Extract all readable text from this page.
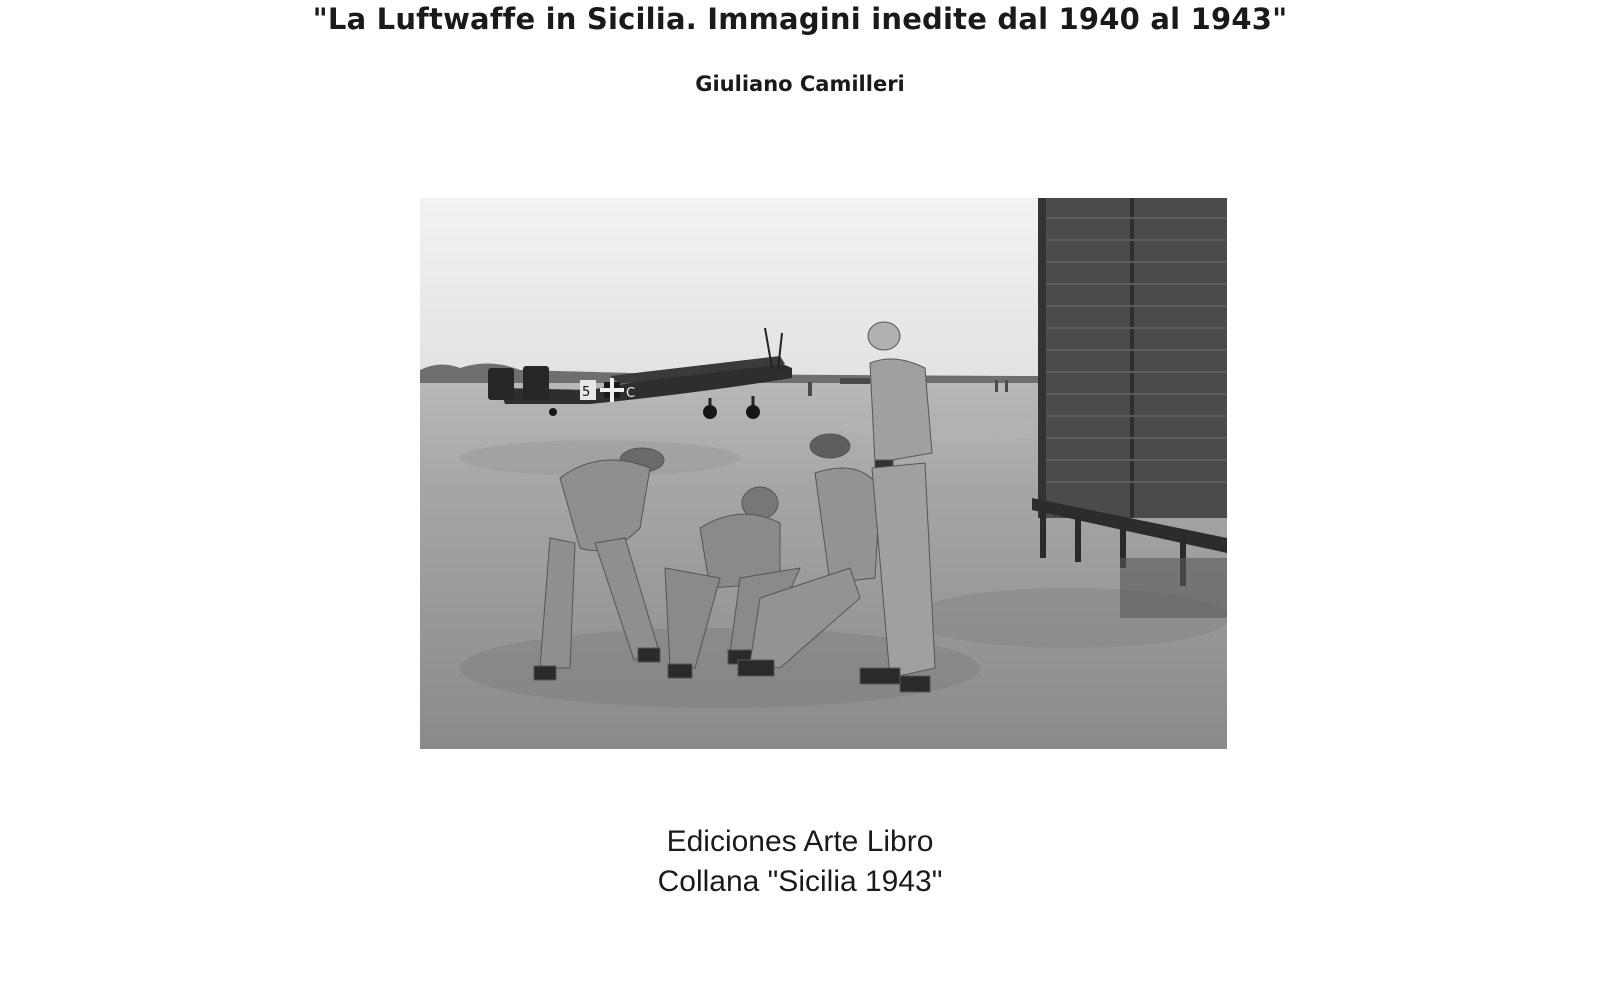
"La Luftwaffe in Sicilia. Immagini inedite dal 1940 al 1943"
Giuliano Camilleri
5	C
Ediciones Arte Libro
Collana "Sicilia 1943"
